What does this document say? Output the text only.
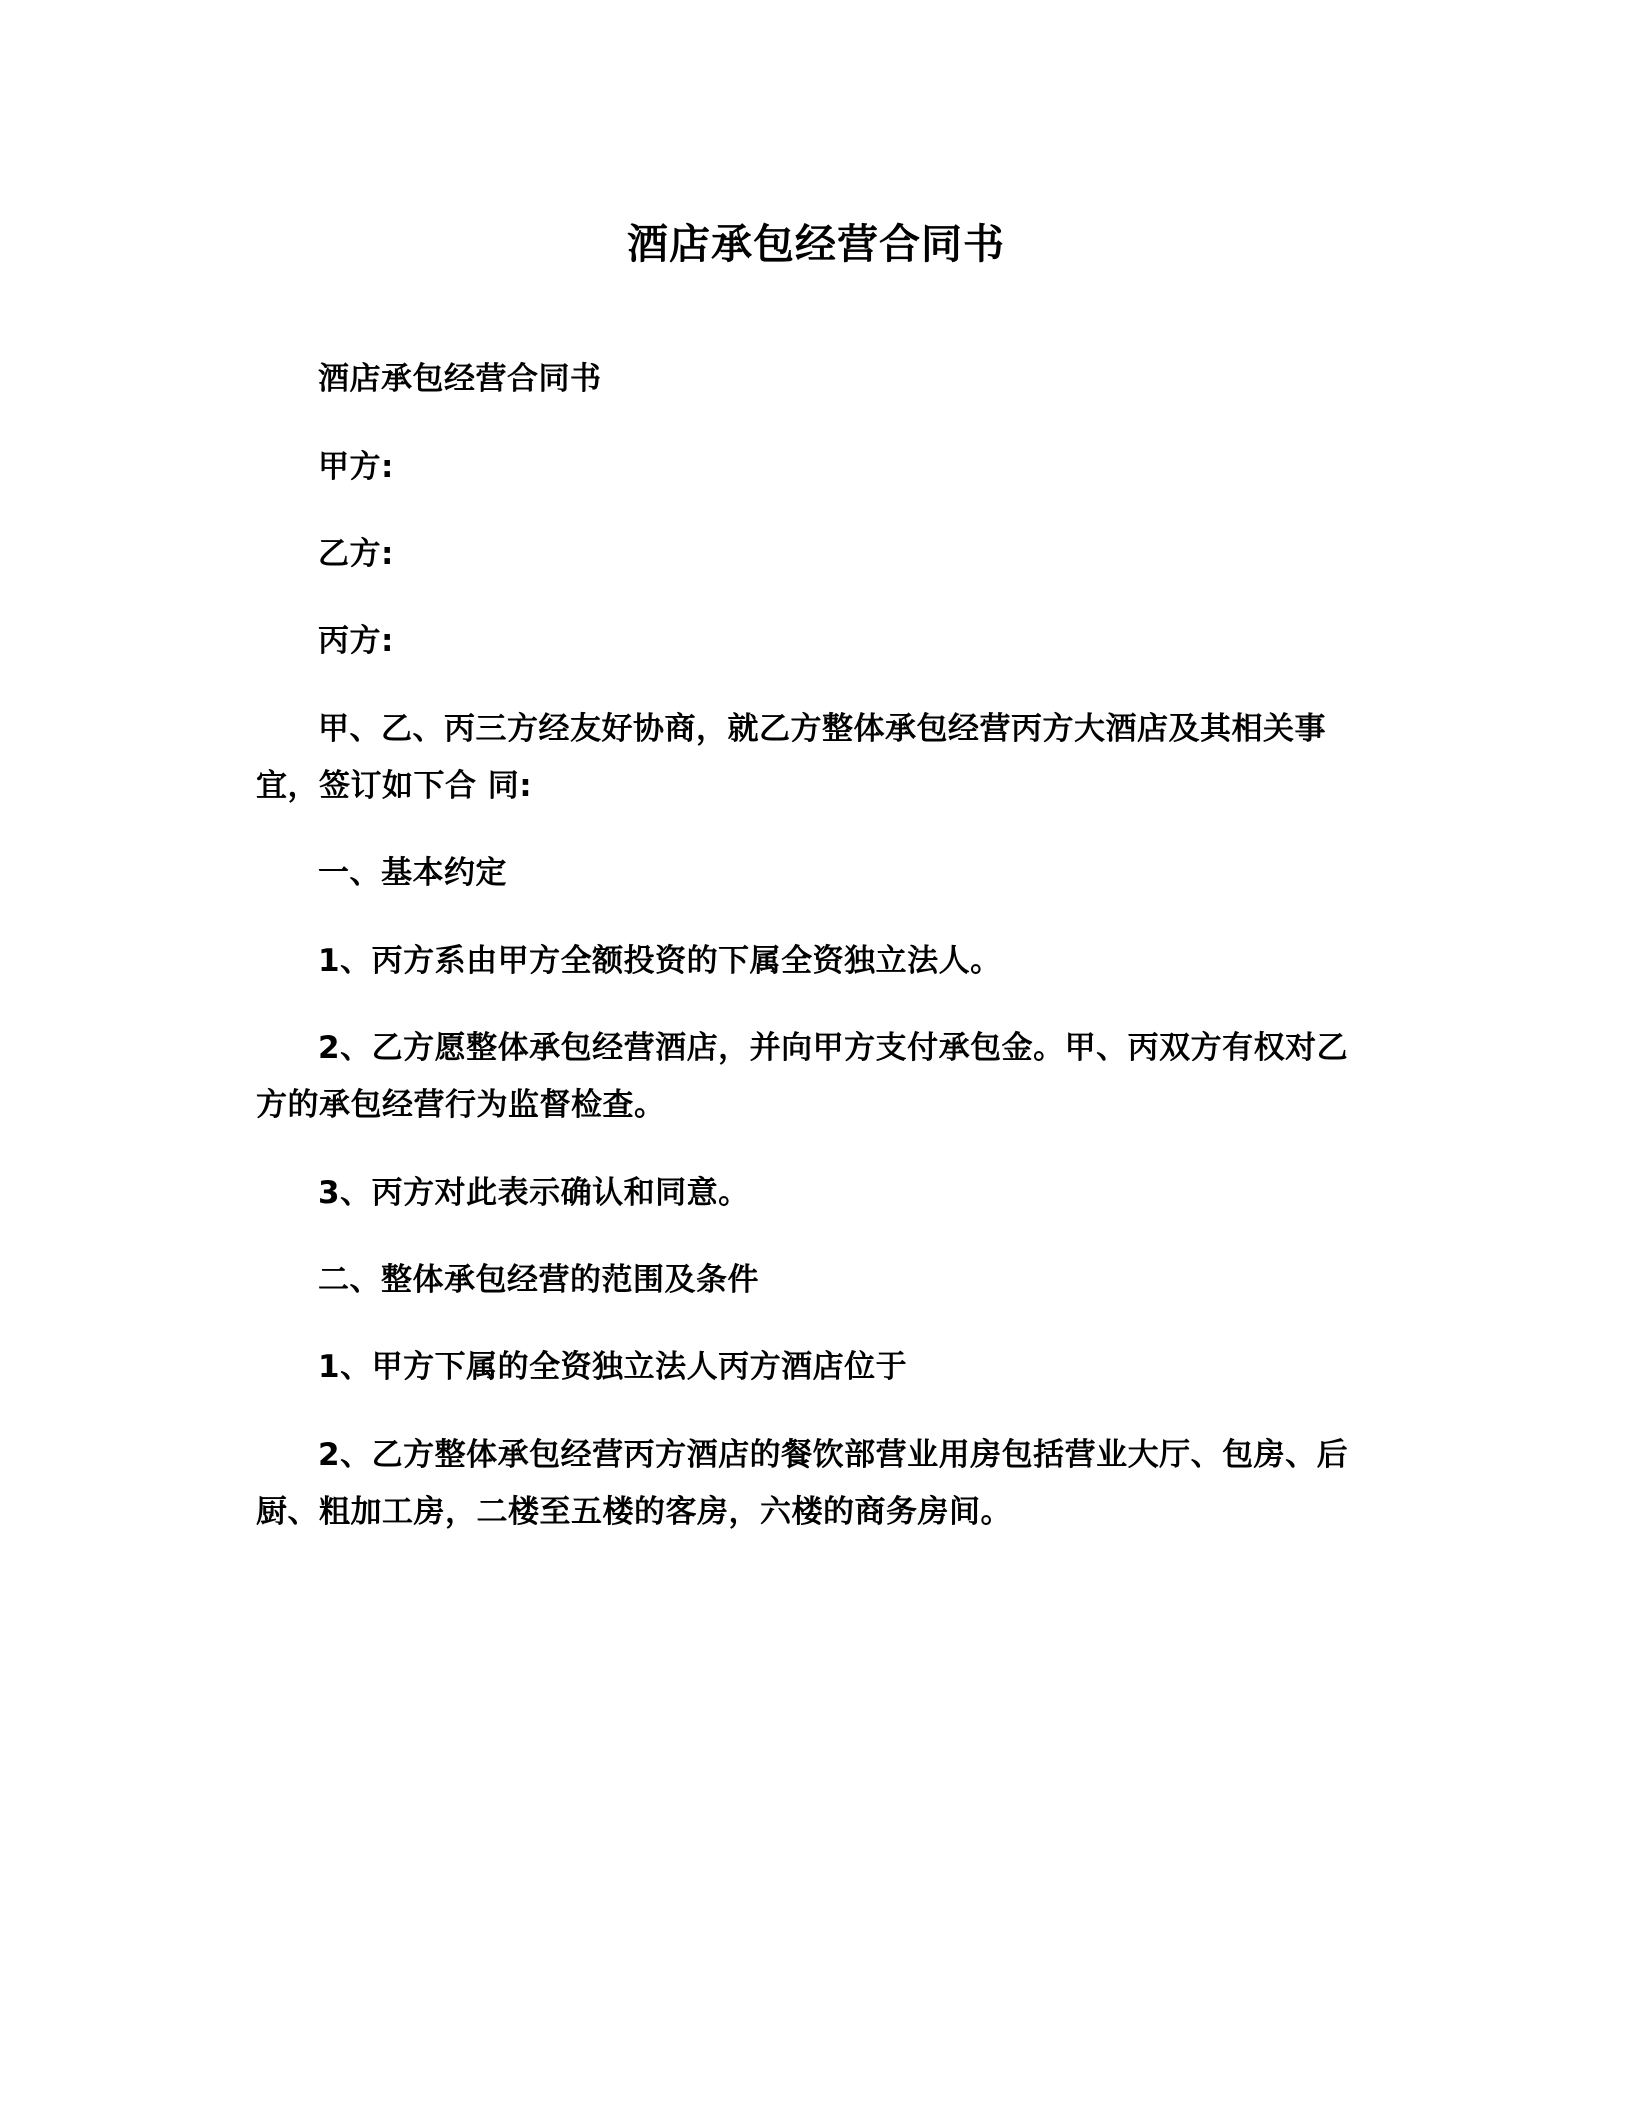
酒店承包经营合同书

酒店承包经营合同书

甲方:

乙方:

丙方:

甲、乙、丙三方经友好协商，就乙方整体承包经营丙方大酒店及其相关事宜，签订如下合 同:

一、基本约定

1、丙方系由甲方全额投资的下属全资独立法人。

2、乙方愿整体承包经营酒店，并向甲方支付承包金。甲、丙双方有权对乙方的承包经营行为监督检查。

3、丙方对此表示确认和同意。

二、整体承包经营的范围及条件

1、甲方下属的全资独立法人丙方酒店位于

2、乙方整体承包经营丙方酒店的餐饮部营业用房包括营业大厅、包房、后厨、粗加工房，二楼至五楼的客房，六楼的商务房间。
